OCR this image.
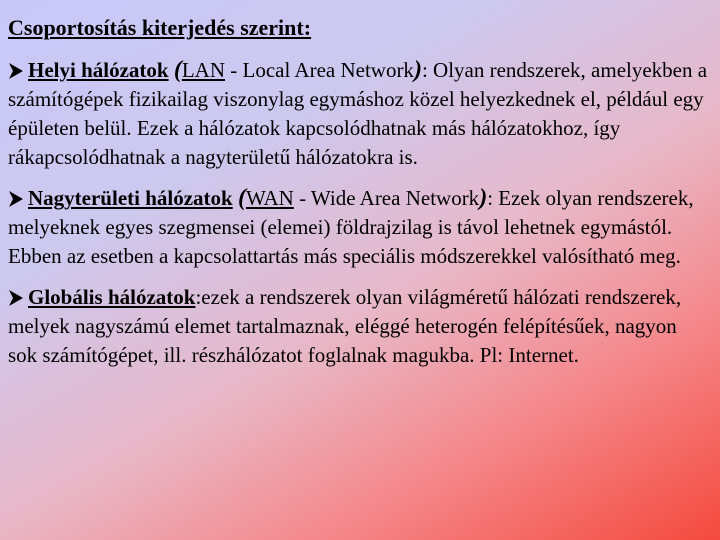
Csoportosítás kiterjedés szerint:
Helyi hálózatok (LAN - Local Area Network): Olyan rendszerek, amelyekben a számítógépek fizikailag viszonylag egymáshoz közel helyezkednek el, például egy épületen belül. Ezek a hálózatok kapcsolódhatnak más hálózatokhoz, így rákapcsolódhatnak a nagyterületű hálózatokra is.
Nagyterületi hálózatok (WAN - Wide Area Network): Ezek olyan rendszerek, melyeknek egyes szegmensei (elemei) földrajzilag is távol lehetnek egymástól. Ebben az esetben a kapcsolattartás más speciális módszerekkel valósítható meg.
Globális hálózatok:ezek a rendszerek olyan világméretű hálózati rendszerek, melyek nagyszámú elemet tartalmaznak, eléggé heterogén felépítésűek, nagyon sok számítógépet, ill. részhálózatot foglalnak magukba. Pl: Internet.
